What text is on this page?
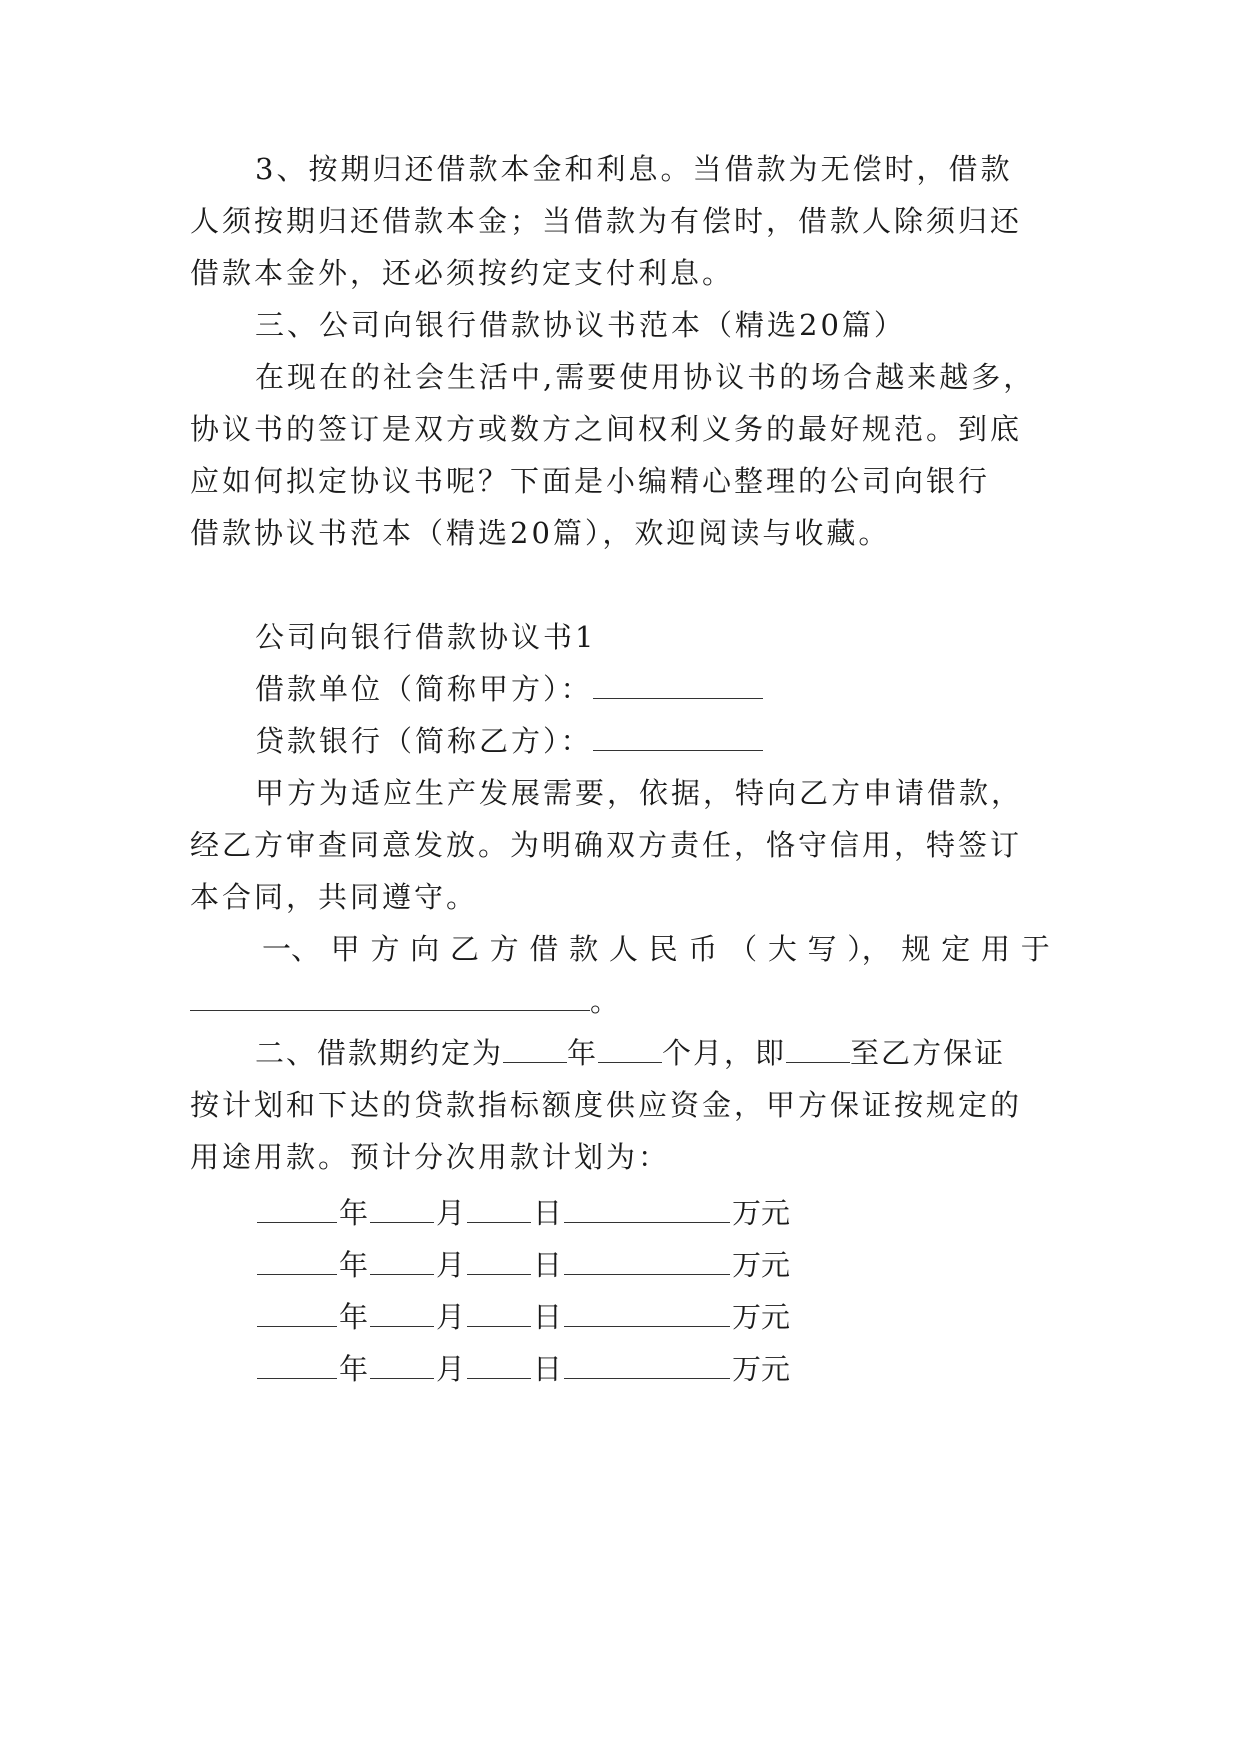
3、按期归还借款本金和利息。当借款为无偿时，借款
人须按期归还借款本金；当借款为有偿时，借款人除须归还
借款本金外，还必须按约定支付利息。
三、公司向银行借款协议书范本（精选20篇）
在现在的社会生活中,需要使用协议书的场合越来越多，
协议书的签订是双方或数方之间权利义务的最好规范。到底
应如何拟定协议书呢？下面是小编精心整理的公司向银行
借款协议书范本（精选20篇），欢迎阅读与收藏。
公司向银行借款协议书1
借款单位（简称甲方）：
贷款银行（简称乙方）：
甲方为适应生产发展需要，依据，特向乙方申请借款，
经乙方审查同意发放。为明确双方责任，恪守信用，特签订
本合同，共同遵守。
一、 甲 方 向 乙 方 借 款 人 民 币 （ 大 写 ）， 规 定 用 于
。
二、借款期约定为 年 个月，即 至乙方保证
按计划和下达的贷款指标额度供应资金，甲方保证按规定的
用途用款。预计分次用款计划为：
年 月 日	万元
年 月 日	万元
年 月 日	万元
年 月 日	万元
